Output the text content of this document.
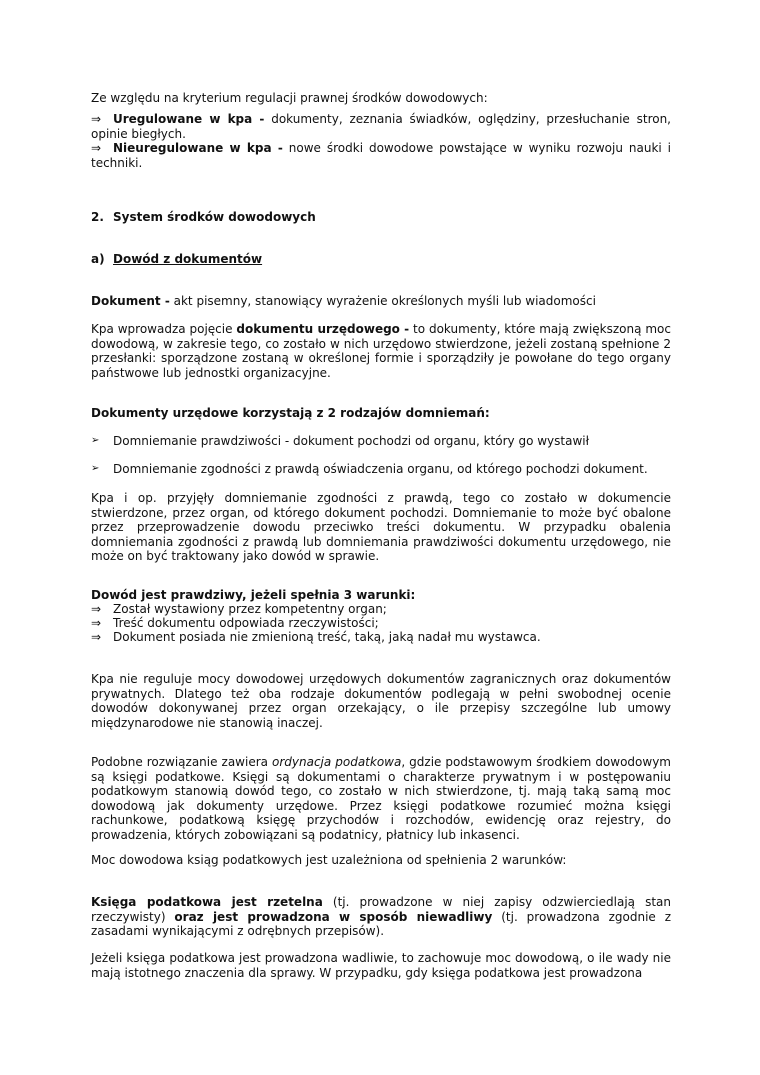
Ze względu na kryterium regulacji prawnej środków dowodowych:

⇒ Uregulowane w kpa - dokumenty, zeznania świadków, oględziny, przesłuchanie stron, opinie biegłych.
⇒ Nieuregulowane w kpa - nowe środki dowodowe powstające w wyniku rozwoju nauki i techniki.
2. System środków dowodowych
a) Dowód z dokumentów
Dokument - akt pisemny, stanowiący wyrażenie określonych myśli lub wiadomości
Kpa wprowadza pojęcie dokumentu urzędowego - to dokumenty, które mają zwiększoną moc dowodową, w zakresie tego, co zostało w nich urzędowo stwierdzone, jeżeli zostaną spełnione 2 przesłanki: sporządzone zostaną w określonej formie i sporządziły je powołane do tego organy państwowe lub jednostki organizacyjne.

Dokumenty urzędowe korzystają z 2 rodzajów domniemań:

➢	Domniemanie prawdziwości - dokument pochodzi od organu, który go wystawił
➢	Domniemanie zgodności z prawdą oświadczenia organu, od którego pochodzi dokument.

Kpa i op. przyjęły domniemanie zgodności z prawdą, tego co zostało w dokumencie stwierdzone, przez organ, od którego dokument pochodzi. Domniemanie to może być obalone przez przeprowadzenie dowodu przeciwko treści dokumentu. W przypadku obalenia domniemania zgodności z prawdą lub domniemania prawdziwości dokumentu urzędowego, nie może on być traktowany jako dowód w sprawie.

Dowód jest prawdziwy, jeżeli spełnia 3 warunki:

⇒ Został wystawiony przez kompetentny organ;
⇒ Treść dokumentu odpowiada rzeczywistości;
⇒ Dokument posiada nie zmienioną treść, taką, jaką nadał mu wystawca.

Kpa nie reguluje mocy dowodowej urzędowych dokumentów zagranicznych oraz dokumentów prywatnych. Dlatego też oba rodzaje dokumentów podlegają w pełni swobodnej ocenie dowodów dokonywanej przez organ orzekający, o ile przepisy szczególne lub umowy międzynarodowe nie stanowią inaczej.

Podobne rozwiązanie zawiera ordynacja podatkowa, gdzie podstawowym środkiem dowodowym są księgi podatkowe. Księgi są dokumentami o charakterze prywatnym i w postępowaniu podatkowym stanowią dowód tego, co zostało w nich stwierdzone, tj. mają taką samą moc dowodową jak dokumenty urzędowe. Przez księgi podatkowe rozumieć można księgi rachunkowe, podatkową księgę przychodów i rozchodów, ewidencję oraz rejestry, do prowadzenia, których zobowiązani są podatnicy, płatnicy lub inkasenci.

Moc dowodowa ksiąg podatkowych jest uzależniona od spełnienia 2 warunków:

Księga podatkowa jest rzetelna (tj. prowadzone w niej zapisy odzwierciedlają stan rzeczywisty) oraz jest prowadzona w sposób niewadliwy (tj. prowadzona zgodnie z zasadami wynikającymi z odrębnych przepisów).

Jeżeli księga podatkowa jest prowadzona wadliwie, to zachowuje moc dowodową, o ile wady nie mają istotnego znaczenia dla sprawy. W przypadku, gdy księga podatkowa jest prowadzona
